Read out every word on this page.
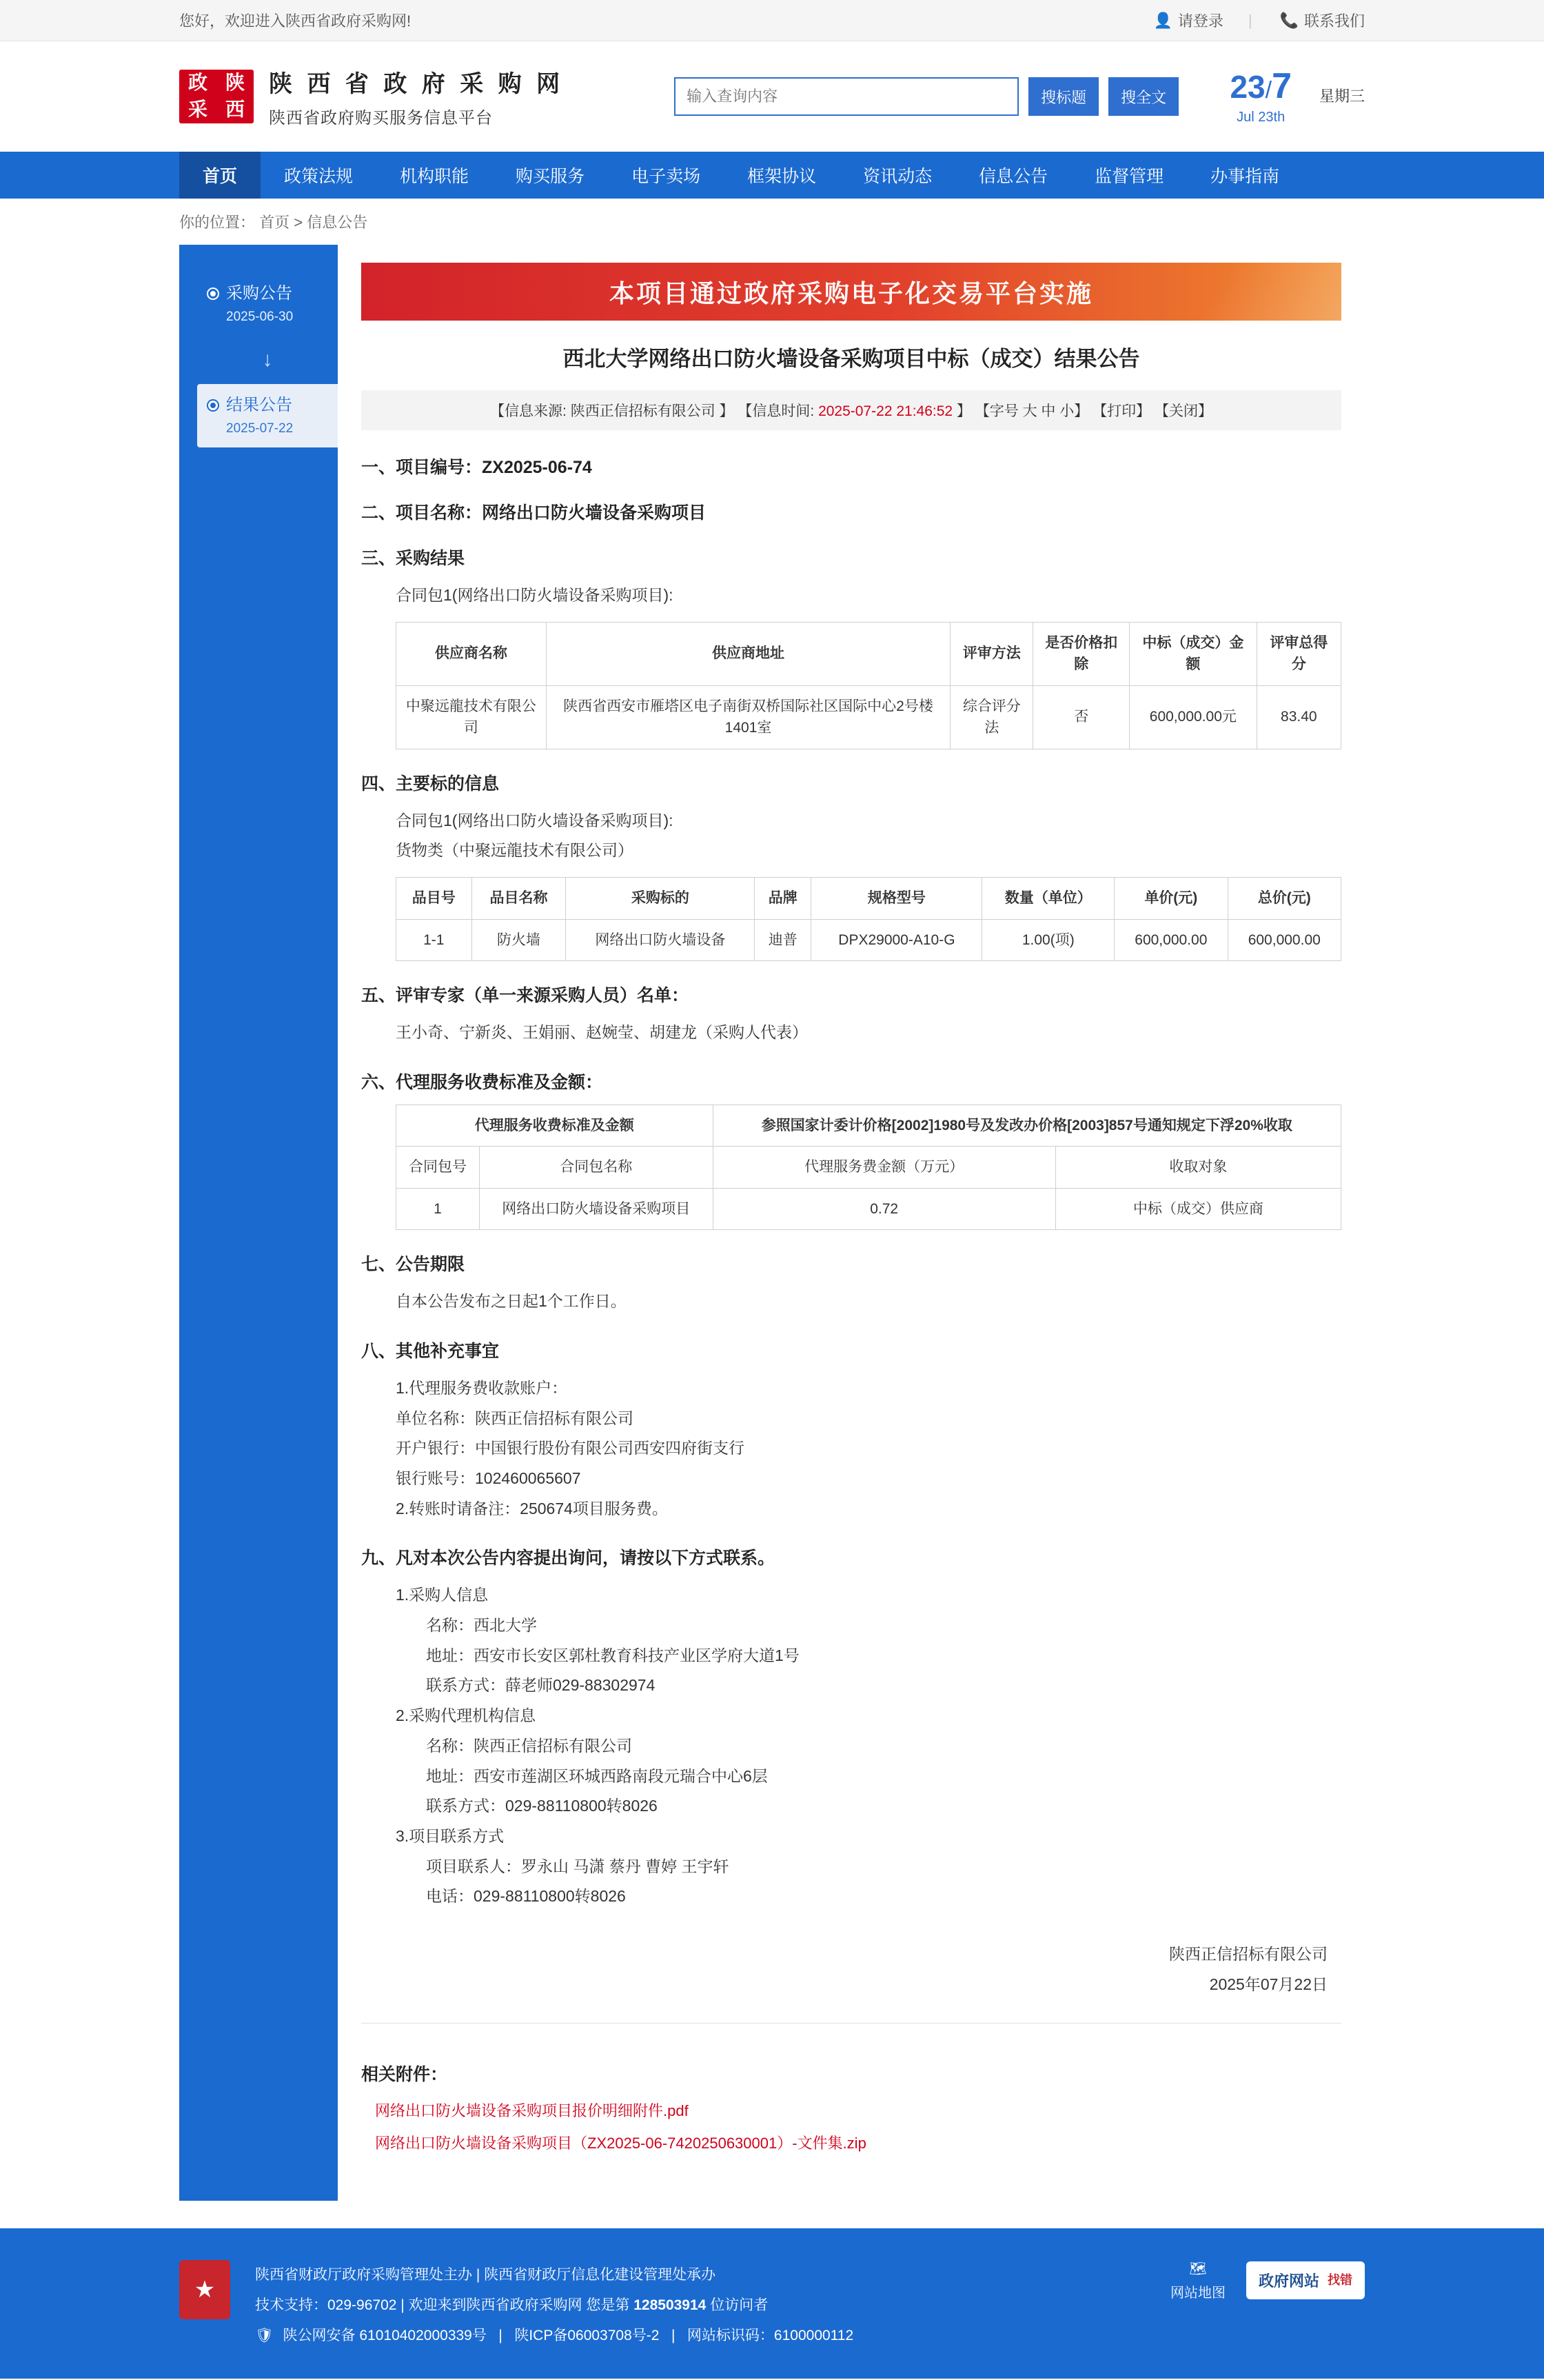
您好，欢迎进入陕西省政府采购网!	👤 请登录 | 📞 联系我们
政 陕
采 西
陕 西 省 政 府 采 购 网
陕西省政府购买服务信息平台
输入查询内容
搜标题	搜全文	23/7
Jul 23th
星期三
首页	政策法规	机构职能	购买服务	电子卖场	框架协议	资讯动态	信息公告	监督管理	办事指南
你的位置： 首页 > 信息公告
采购公告
2025-06-30
↓
结果公告
2025-07-22
本项目通过政府采购电子化交易平台实施
西北大学网络出口防火墙设备采购项目中标（成交）结果公告
【信息来源: 陕西正信招标有限公司 】 【信息时间: 2025-07-22 21:46:52 】 【字号 大 中 小】 【打印】 【关闭】
一、项目编号：ZX2025-06-74
二、项目名称：网络出口防火墙设备采购项目
三、采购结果
合同包1(网络出口防火墙设备采购项目):
供应商名称	供应商地址	评审方法	是否价格扣除	中标（成交）金额	评审总得分
中聚远龍技术有限公司	陕西省西安市雁塔区电子南街双桥国际社区国际中心2号楼1401室	综合评分法	否	600,000.00元	83.40
四、主要标的信息
合同包1(网络出口防火墙设备采购项目):
货物类（中聚远龍技术有限公司）
品目号	品目名称	采购标的	品牌	规格型号	数量（单位）	单价(元)	总价(元)
1-1	防火墙	网络出口防火墙设备	迪普	DPX29000-A10-G	1.00(项)	600,000.00	600,000.00
五、评审专家（单一来源采购人员）名单：
王小奇、宁新炎、王娟丽、赵婉莹、胡建龙（采购人代表）
六、代理服务收费标准及金额：
代理服务收费标准及金额		参照国家计委计价格[2002]1980号及发改办价格[2003]857号通知规定下浮20%收取	
合同包号	合同包名称	代理服务费金额（万元）	收取对象
1	网络出口防火墙设备采购项目	0.72	中标（成交）供应商
七、公告期限
自本公告发布之日起1个工作日。
八、其他补充事宜
1.代理服务费收款账户：
单位名称：陕西正信招标有限公司
开户银行：中国银行股份有限公司西安四府街支行
银行账号：102460065607
2.转账时请备注：250674项目服务费。
九、凡对本次公告内容提出询问，请按以下方式联系。
1.采购人信息
名称：西北大学
地址：西安市长安区郭杜教育科技产业区学府大道1号
联系方式：薛老师029-88302974
2.采购代理机构信息
名称：陕西正信招标有限公司
地址：西安市莲湖区环城西路南段元瑞合中心6层
联系方式：029-88110800转8026
3.项目联系方式
项目联系人：罗永山 马潇 蔡丹 曹婷 王宇轩
电话：029-88110800转8026
陕西正信招标有限公司
2025年07月22日
相关附件：
网络出口防火墙设备采购项目报价明细附件.pdf
网络出口防火墙设备采购项目（ZX2025-06-7420250630001）-文件集.zip
★
陕西省财政厅政府采购管理处主办 | 陕西省财政厅信息化建设管理处承办
技术支持：029-96702 | 欢迎来到陕西省政府采购网 您是第 128503914 位访问者
🛡 陕公网安备 61010402000339号   |   陕ICP备06003708号-2   |   网站标识码：6100000112
🗺
网站地图
政府网站 找错
